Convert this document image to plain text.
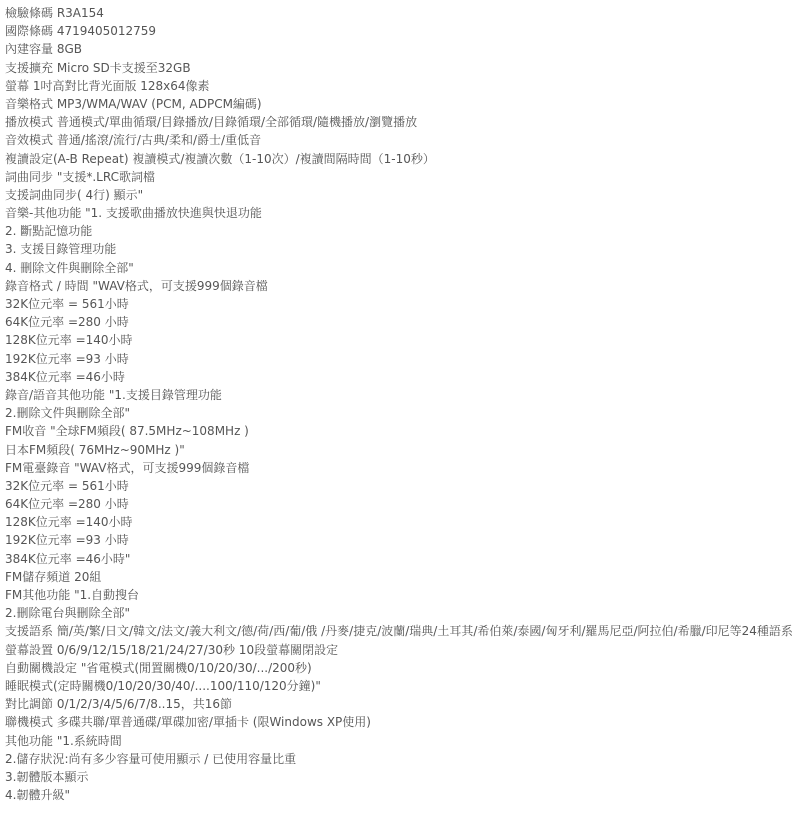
檢驗條碼 R3A154
國際條碼 4719405012759
內建容量 8GB
支援擴充 Micro SD卡支援至32GB
螢幕 1吋高對比背光面版 128x64像素
音樂格式 MP3/WMA/WAV (PCM, ADPCM編碼)
播放模式 普通模式/單曲循環/目錄播放/目錄循環/全部循環/隨機播放/瀏覽播放
音效模式 普通/搖滾/流行/古典/柔和/爵士/重低音
複讀設定(A-B Repeat) 複讀模式/複讀次數（1-10次）/複讀間隔時間（1-10秒）
詞曲同步 "支援*.LRC歌詞檔
支援詞曲同步( 4行) 顯示"
音樂-其他功能 "1. 支援歌曲播放快進與快退功能
2. 斷點記憶功能
3. 支援目錄管理功能
4. 刪除文件與刪除全部"
錄音格式 / 時間 "WAV格式，可支援999個錄音檔
32K位元率 = 561小時
64K位元率 =280 小時
128K位元率 =140小時
192K位元率 =93 小時
384K位元率 =46小時
錄音/語音其他功能 "1.支援目錄管理功能
2.刪除文件與刪除全部"
FM收音 "全球FM頻段( 87.5MHz~108MHz )
日本FM頻段( 76MHz~90MHz )"
FM電臺錄音 "WAV格式，可支援999個錄音檔
32K位元率 = 561小時
64K位元率 =280 小時
128K位元率 =140小時
192K位元率 =93 小時
384K位元率 =46小時"
FM儲存頻道 20組
FM其他功能 "1.自動搜台
2.刪除電台與刪除全部"
支援語系 簡/英/繁/日文/韓文/法文/義大利文/德/荷/西/葡/俄 /丹麥/捷克/波蘭/瑞典/土耳其/希伯萊/泰國/匈牙利/羅馬尼亞/阿拉伯/希臘/印尼等24種語系
螢幕設置 0/6/9/12/15/18/21/24/27/30秒 10段螢幕關閉設定
自動關機設定 "省電模式(閒置關機0/10/20/30/.../200秒)
睡眠模式(定時關機0/10/20/30/40/....100/110/120分鐘)"
對比調節 0/1/2/3/4/5/6/7/8..15，共16節
聯機模式 多碟共聯/單普通碟/單碟加密/單插卡 (限Windows XP使用)
其他功能 "1.系統時間
2.儲存狀況:尚有多少容量可使用顯示 / 已使用容量比重
3.韌體版本顯示
4.韌體升級"
